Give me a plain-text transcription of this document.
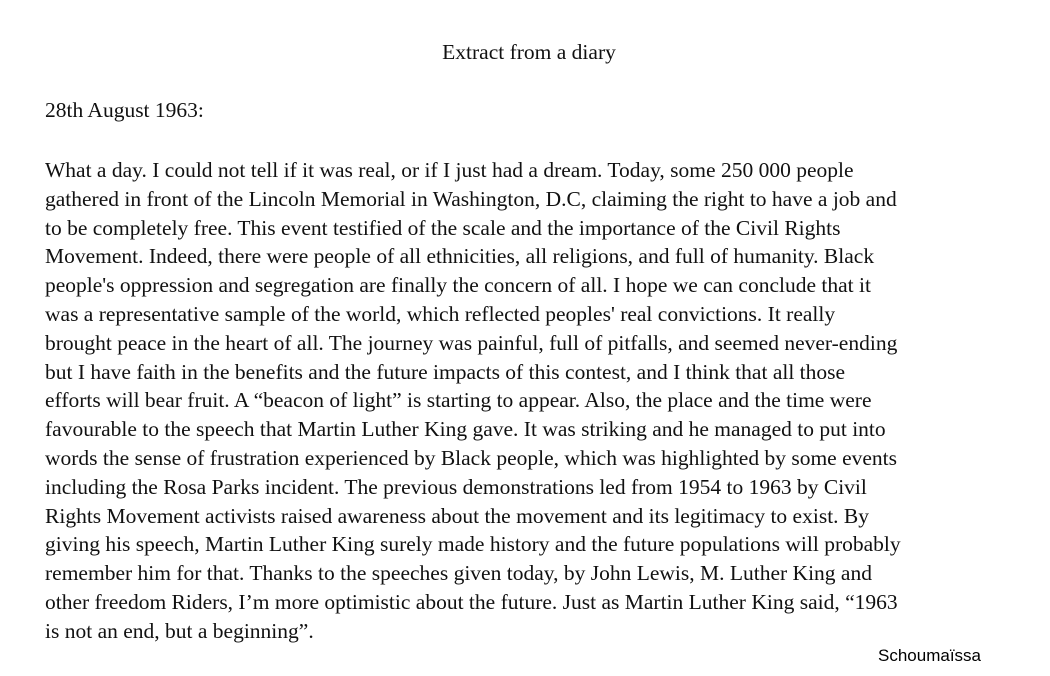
Extract from a diary

28th August 1963:

What a day. I could not tell if it was real, or if I just had a dream. Today, some 250 000 people
gathered in front of the Lincoln Memorial in Washington, D.C, claiming the right to have a job and
to be completely free. This event testified of the scale and the importance of the Civil Rights
Movement. Indeed, there were people of all ethnicities, all religions, and full of humanity. Black
people's oppression and segregation are finally the concern of all. I hope we can conclude that it
was a representative sample of the world, which reflected peoples' real convictions. It really
brought peace in the heart of all. The journey was painful, full of pitfalls, and seemed never-ending
but I have faith in the benefits and the future impacts of this contest, and I think that all those
efforts will bear fruit. A “beacon of light” is starting to appear. Also, the place and the time were
favourable to the speech that Martin Luther King gave. It was striking and he managed to put into
words the sense of frustration experienced by Black people, which was highlighted by some events
including the Rosa Parks incident. The previous demonstrations led from 1954 to 1963 by Civil
Rights Movement activists raised awareness about the movement and its legitimacy to exist. By
giving his speech, Martin Luther King surely made history and the future populations will probably
remember him for that. Thanks to the speeches given today, by John Lewis, M. Luther King and
other freedom Riders, I’m more optimistic about the future. Just as Martin Luther King said, “1963
is not an end, but a beginning”.

Schoumaïssa
